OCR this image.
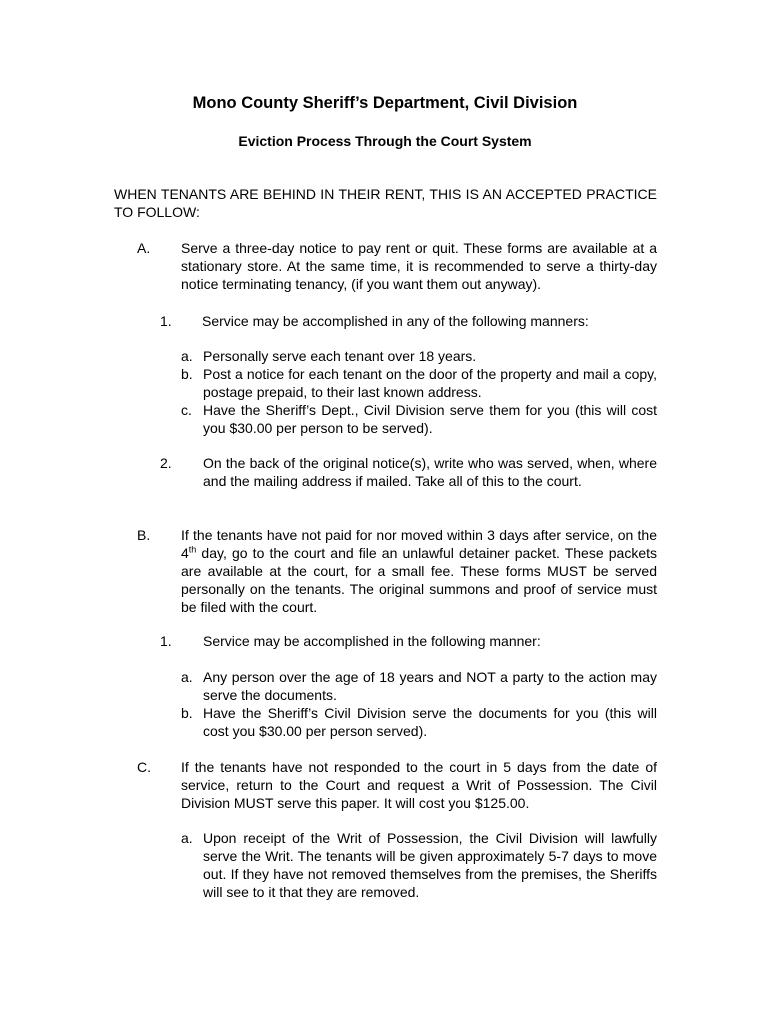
Mono County Sheriff’s Department, Civil Division
Eviction Process Through the Court System
WHEN TENANTS ARE BEHIND IN THEIR RENT, THIS IS AN ACCEPTED PRACTICE TO FOLLOW:
A. Serve a three-day notice to pay rent or quit. These forms are available at a stationary store. At the same time, it is recommended to serve a thirty-day notice terminating tenancy, (if you want them out anyway).
1. Service may be accomplished in any of the following manners:
a. Personally serve each tenant over 18 years.
b. Post a notice for each tenant on the door of the property and mail a copy, postage prepaid, to their last known address.
c. Have the Sheriff’s Dept., Civil Division serve them for you (this will cost you $30.00 per person to be served).
2. On the back of the original notice(s), write who was served, when, where and the mailing address if mailed. Take all of this to the court.
B. If the tenants have not paid for nor moved within 3 days after service, on the 4th day, go to the court and file an unlawful detainer packet. These packets are available at the court, for a small fee. These forms MUST be served personally on the tenants. The original summons and proof of service must be filed with the court.
1. Service may be accomplished in the following manner:
a. Any person over the age of 18 years and NOT a party to the action may serve the documents.
b. Have the Sheriff’s Civil Division serve the documents for you (this will cost you $30.00 per person served).
C. If the tenants have not responded to the court in 5 days from the date of service, return to the Court and request a Writ of Possession. The Civil Division MUST serve this paper. It will cost you $125.00.
a. Upon receipt of the Writ of Possession, the Civil Division will lawfully serve the Writ. The tenants will be given approximately 5-7 days to move out. If they have not removed themselves from the premises, the Sheriffs will see to it that they are removed.
